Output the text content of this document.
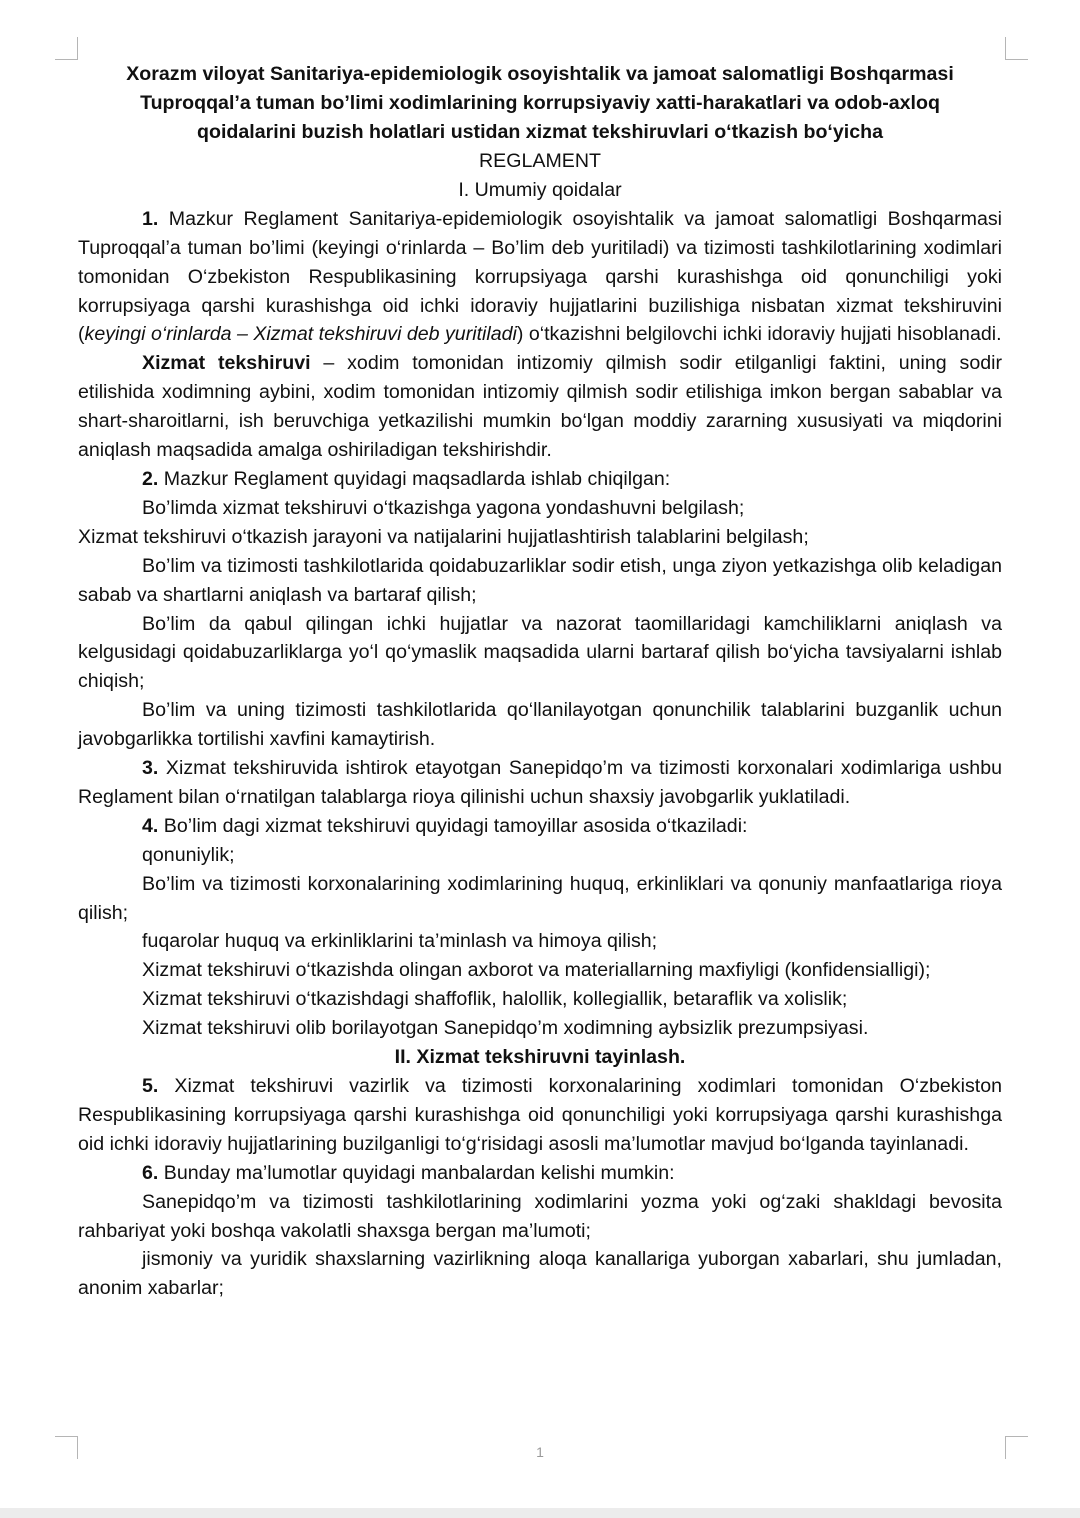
Xorazm viloyat Sanitariya-epidemiologik osoyishtalik va jamoat salomatligi Boshqarmasi

Tuproqqal’a tuman bo’limi xodimlarining korrupsiyaviy xatti-harakatlari va odob-axloq

qoidalarini buzish holatlari ustidan xizmat tekshiruvlari o‘tkazish bo‘yicha

REGLAMENT

I. Umumiy qoidalar

1. Mazkur Reglament Sanitariya-epidemiologik osoyishtalik va jamoat salomatligi Boshqarmasi Tuproqqal’a tuman bo’limi (keyingi o‘rinlarda – Bo’lim deb yuritiladi) va tizimosti tashkilotlarining xodimlari tomonidan O‘zbekiston Respublikasining korrupsiyaga qarshi kurashishga oid qonunchiligi yoki korrupsiyaga qarshi kurashishga oid ichki idoraviy hujjatlarini buzilishiga nisbatan xizmat tekshiruvini (keyingi o‘rinlarda – Xizmat tekshiruvi deb yuritiladi) o‘tkazishni belgilovchi ichki idoraviy hujjati hisoblanadi.

Xizmat tekshiruvi – xodim tomonidan intizomiy qilmish sodir etilganligi faktini, uning sodir etilishida xodimning aybini, xodim tomonidan intizomiy qilmish sodir etilishiga imkon bergan sabablar va shart-sharoitlarni, ish beruvchiga yetkazilishi mumkin bo‘lgan moddiy zararning xususiyati va miqdorini aniqlash maqsadida amalga oshiriladigan tekshirishdir.

2. Mazkur Reglament quyidagi maqsadlarda ishlab chiqilgan:

Bo’limda xizmat tekshiruvi o‘tkazishga yagona yondashuvni belgilash;

Xizmat tekshiruvi o‘tkazish jarayoni va natijalarini hujjatlashtirish talablarini belgilash;

Bo’lim va tizimosti tashkilotlarida qoidabuzarliklar sodir etish, unga ziyon yetkazishga olib keladigan sabab va shartlarni aniqlash va bartaraf qilish;

Bo’lim da qabul qilingan ichki hujjatlar va nazorat taomillaridagi kamchiliklarni aniqlash va kelgusidagi qoidabuzarliklarga yo‘l qo‘ymaslik maqsadida ularni bartaraf qilish bo‘yicha tavsiyalarni ishlab chiqish;

Bo’lim va uning tizimosti tashkilotlarida qo‘llanilayotgan qonunchilik talablarini buzganlik uchun javobgarlikka tortilishi xavfini kamaytirish.

3. Xizmat tekshiruvida ishtirok etayotgan Sanepidqo’m va tizimosti korxonalari xodimlariga ushbu Reglament bilan o‘rnatilgan talablarga rioya qilinishi uchun shaxsiy javobgarlik yuklatiladi.

4. Bo’lim dagi xizmat tekshiruvi quyidagi tamoyillar asosida o‘tkaziladi:

qonuniylik;

Bo’lim va tizimosti korxonalarining xodimlarining huquq, erkinliklari va qonuniy manfaatlariga rioya qilish;

fuqarolar huquq va erkinliklarini ta’minlash va himoya qilish;

Xizmat tekshiruvi o‘tkazishda olingan axborot va materiallarning maxfiyligi (konfidensialligi);

Xizmat tekshiruvi o‘tkazishdagi shaffoflik, halollik, kollegiallik, betaraflik va xolislik;

Xizmat tekshiruvi olib borilayotgan Sanepidqo’m xodimning aybsizlik prezumpsiyasi.

II. Xizmat tekshiruvni tayinlash.

5. Xizmat tekshiruvi vazirlik va tizimosti korxonalarining xodimlari tomonidan O‘zbekiston Respublikasining korrupsiyaga qarshi kurashishga oid qonunchiligi yoki korrupsiyaga qarshi kurashishga oid ichki idoraviy hujjatlarining buzilganligi to‘g‘risidagi asosli ma’lumotlar mavjud bo‘lganda tayinlanadi.

6. Bunday ma’lumotlar quyidagi manbalardan kelishi mumkin:

Sanepidqo’m va tizimosti tashkilotlarining xodimlarini yozma yoki og‘zaki shakldagi bevosita rahbariyat yoki boshqa vakolatli shaxsga bergan ma’lumoti;

jismoniy va yuridik shaxslarning vazirlikning aloqa kanallariga yuborgan xabarlari, shu jumladan, anonim xabarlar;

1
